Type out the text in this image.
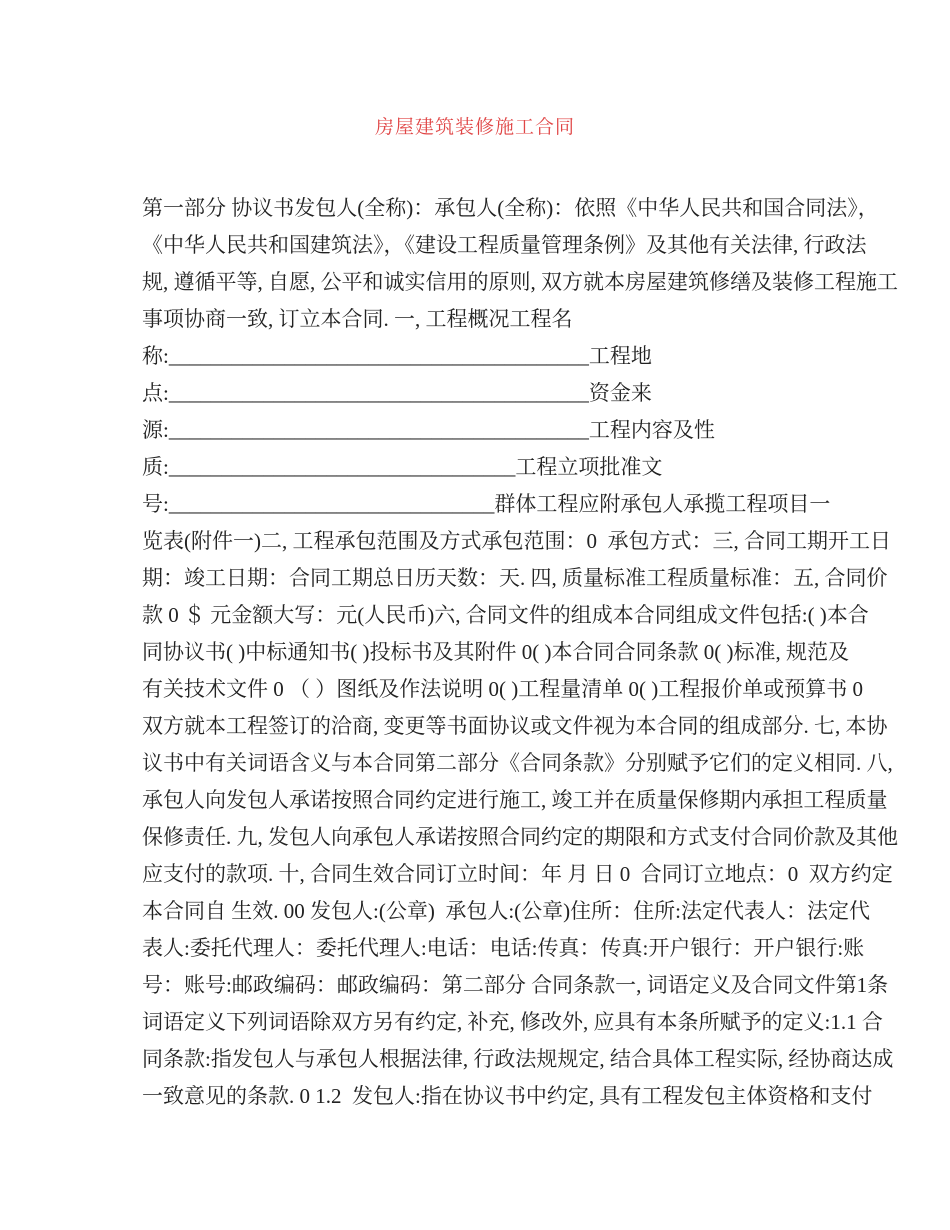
房屋建筑装修施工合同
第一部分 协议书发包人(全称)：承包人(全称)：依照《中华人民共和国合同法》，
《中华人民共和国建筑法》，《建设工程质量管理条例》及其他有关法律, 行政法
规, 遵循平等, 自愿, 公平和诚实信用的原则, 双方就本房屋建筑修缮及装修工程施工
事项协商一致, 订立本合同. 一, 工程概况工程名
称:________________________________________工程地
点:________________________________________资金来
源:________________________________________工程内容及性
质:_________________________________工程立项批准文
号:_______________________________群体工程应附承包人承揽工程项目一
览表(附件一)二, 工程承包范围及方式承包范围：0  承包方式：三, 合同工期开工日
期：竣工日期：合同工期总日历天数：天. 四, 质量标准工程质量标准：五, 合同价
款 0 ＄ 元金额大写：元(人民币)六, 合同文件的组成本合同组成文件包括:( )本合
同协议书( )中标通知书( )投标书及其附件 0( )本合同合同条款 0( )标准, 规范及
有关技术文件 0 （ ）图纸及作法说明 0( )工程量清单 0( )工程报价单或预算书 0
双方就本工程签订的洽商, 变更等书面协议或文件视为本合同的组成部分. 七, 本协
议书中有关词语含义与本合同第二部分《合同条款》分别赋予它们的定义相同. 八,
承包人向发包人承诺按照合同约定进行施工, 竣工并在质量保修期内承担工程质量
保修责任. 九, 发包人向承包人承诺按照合同约定的期限和方式支付合同价款及其他
应支付的款项. 十, 合同生效合同订立时间：年 月 日 0  合同订立地点：0  双方约定
本合同自 生效. 00 发包人:(公章)  承包人:(公章)住所：住所:法定代表人：法定代
表人:委托代理人：委托代理人:电话：电话:传真：传真:开户银行：开户银行:账
号：账号:邮政编码：邮政编码：第二部分 合同条款一, 词语定义及合同文件第1条
词语定义下列词语除双方另有约定, 补充, 修改外, 应具有本条所赋予的定义:1.1 合
同条款:指发包人与承包人根据法律, 行政法规规定, 结合具体工程实际, 经协商达成
一致意见的条款. 0 1.2  发包人:指在协议书中约定, 具有工程发包主体资格和支付
